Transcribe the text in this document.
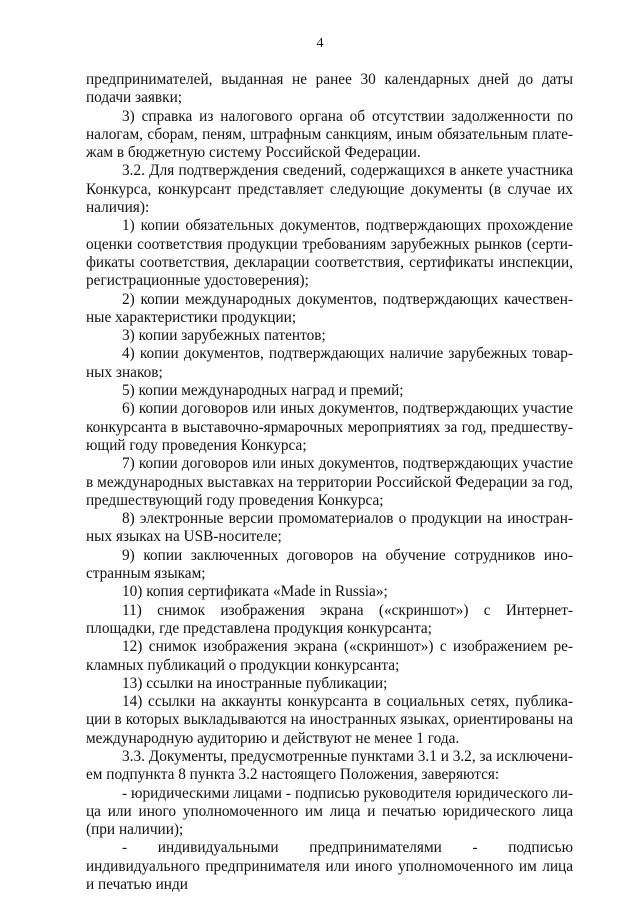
4

предпринимателей, выданная не ранее 30 календарных дней до даты подачи заявки;

3) справка из налогового органа об отсутствии задолженности по налогам, сборам, пеням, штрафным санкциям, иным обязательным платежам в бюджетную систему Российской Федерации.

3.2. Для подтверждения сведений, содержащихся в анкете участника Конкурса, конкурсант представляет следующие документы (в случае их наличия):

1) копии обязательных документов, подтверждающих прохождение оценки соответствия продукции требованиям зарубежных рынков (сертификаты соответствия, декларации соответствия, сертификаты инспекции, регистрационные удостоверения);

2) копии международных документов, подтверждающих качественные характеристики продукции;

3) копии зарубежных патентов;

4) копии документов, подтверждающих наличие зарубежных товарных знаков;

5) копии международных наград и премий;

6) копии договоров или иных документов, подтверждающих участие конкурсанта в выставочно-ярмарочных мероприятиях за год, предшествующий году проведения Конкурса;

7) копии договоров или иных документов, подтверждающих участие в международных выставках на территории Российской Федерации за год, предшествующий году проведения Конкурса;

8) электронные версии промоматериалов о продукции на иностранных языках на USB-носителе;

9) копии заключенных договоров на обучение сотрудников иностранным языкам;

10) копия сертификата «Made in Russia»;

11) снимок изображения экрана («скриншот») с Интернет-площадки, где представлена продукция конкурсанта;

12) снимок изображения экрана («скриншот») с изображением рекламных публикаций о продукции конкурсанта;

13) ссылки на иностранные публикации;

14) ссылки на аккаунты конкурсанта в социальных сетях, публикации в которых выкладываются на иностранных языках, ориентированы на международную аудиторию и действуют не менее 1 года.

3.3. Документы, предусмотренные пунктами 3.1 и 3.2, за исключением подпункта 8 пункта 3.2 настоящего Положения, заверяются:

- юридическими лицами - подписью руководителя юридического лица или иного уполномоченного им лица и печатью юридического лица (при наличии);

- индивидуальными предпринимателями - подписью индивидуального предпринимателя или иного уполномоченного им лица и печатью инди
